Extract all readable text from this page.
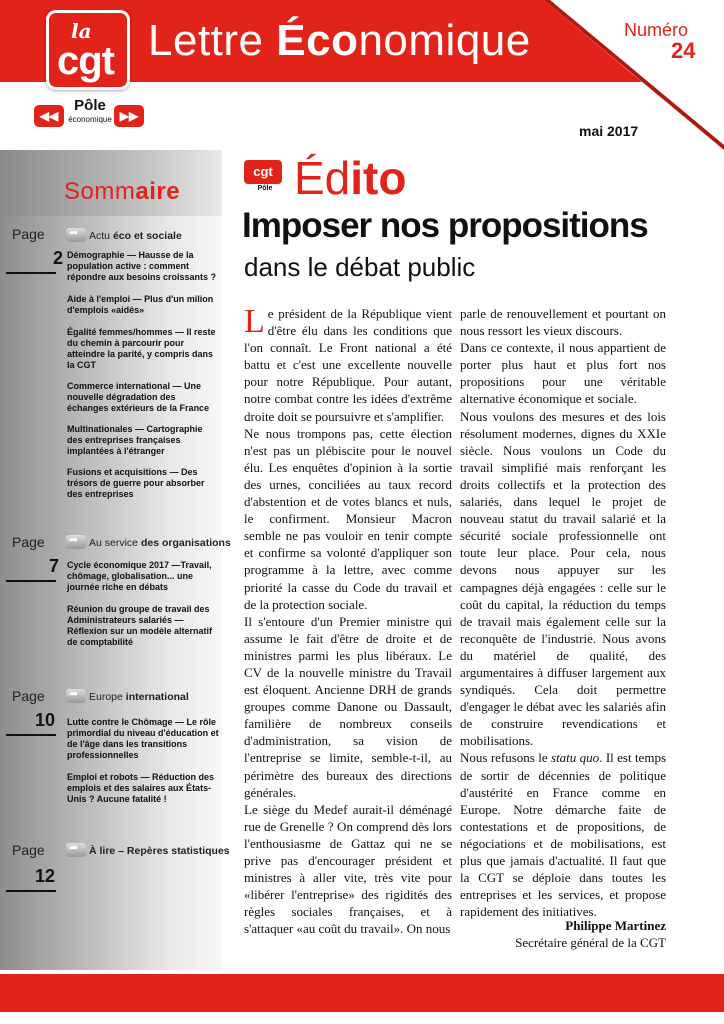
la
cgt Lettre Économique	Numéro
24
◀◀
Pôle
économique ▶▶
mai 2017
Sommaire
Page ➦	Actu éco et sociale
2 Démographie — Hausse de la population active : comment répondre aux besoins croissants ?
Aide à l'emploi — Plus d'un milion d'emplois «aidés»
Égalité femmes/hommes — Il reste du chemin à parcourir pour atteindre la parité, y compris dans la CGT
Commerce international — Une nouvelle dégradation des échanges extérieurs de la France
Multinationales — Cartographie des entreprises françaises implantées à l'étranger
Fusions et acquisitions — Des trésors de guerre pour absorber des entreprises
Page ➦	Au service des organisations
7 Cycle économique 2017 —Travail, chômage, globalisation... une journée riche en débats
Réunion du groupe de travail des Administrateurs salariés — Réflexion sur un modèle alternatif de comptabilité
Page ➦	Europe international
10 Lutte contre le Chômage — Le rôle primordial du niveau d'éducation et de l'âge dans les transitions professionnelles
Emploi et robots — Réduction des emplois et des salaires aux États-Unis ? Aucune fatalité !
Page ➦	À lire – Repères statistiques
12
cgt
Pôle Édito
Imposer nos propositions
dans le débat public

Le président de la République vient d'être élu dans les conditions que l'on connaît. Le Front national a été battu et c'est une excellente nouvelle pour notre République. Pour autant, notre combat contre les idées d'extrême droite doit se poursuivre et s'amplifier.

Ne nous trompons pas, cette élection n'est pas un plébiscite pour le nouvel élu. Les enquêtes d'opinion à la sortie des urnes, conciliées au taux record d'abstention et de votes blancs et nuls, le confirment. Monsieur Macron semble ne pas vouloir en tenir compte et confirme sa volonté d'appliquer son programme à la lettre, avec comme priorité la casse du Code du travail et de la protection sociale.

Il s'entoure d'un Premier ministre qui assume le fait d'être de droite et de ministres parmi les plus libéraux. Le CV de la nouvelle ministre du Travail est éloquent. Ancienne DRH de grands groupes comme Danone ou Dassault, familière de nombreux conseils d'administration, sa vision de l'entreprise se limite, semble-t-il, au périmètre des bureaux des directions générales.

Le siège du Medef aurait-il déménagé rue de Grenelle ? On comprend dès lors l'enthousiasme de Gattaz qui ne se prive pas d'encourager président et ministres à aller vite, très vite pour «libérer l'entreprise» des rigidités des règles sociales françaises, et à s'attaquer «au coût du travail». On nous

parle de renouvellement et pourtant on nous ressort les vieux discours.

Dans ce contexte, il nous appartient de porter plus haut et plus fort nos propositions pour une véritable alternative économique et sociale.

Nous voulons des mesures et des lois résolument modernes, dignes du XXIe siècle. Nous voulons un Code du travail simplifié mais renforçant les droits collectifs et la protection des salariés, dans lequel le projet de nouveau statut du travail salarié et la sécurité sociale professionnelle ont toute leur place. Pour cela, nous devons nous appuyer sur les campagnes déjà engagées : celle sur le coût du capital, la réduction du temps de travail mais également celle sur la reconquête de l'industrie. Nous avons du matériel de qualité, des argumentaires à diffuser largement aux syndiqués. Cela doit permettre d'engager le débat avec les salariés afin de construire revendications et mobilisations.

Nous refusons le statu quo. Il est temps de sortir de décennies de politique d'austérité en France comme en Europe. Notre démarche faite de contestations et de propositions, de négociations et de mobilisations, est plus que jamais d'actualité. Il faut que la CGT se déploie dans toutes les entreprises et les services, et propose rapidement des initiatives.

Philippe Martinez
Secrétaire général de la CGT
